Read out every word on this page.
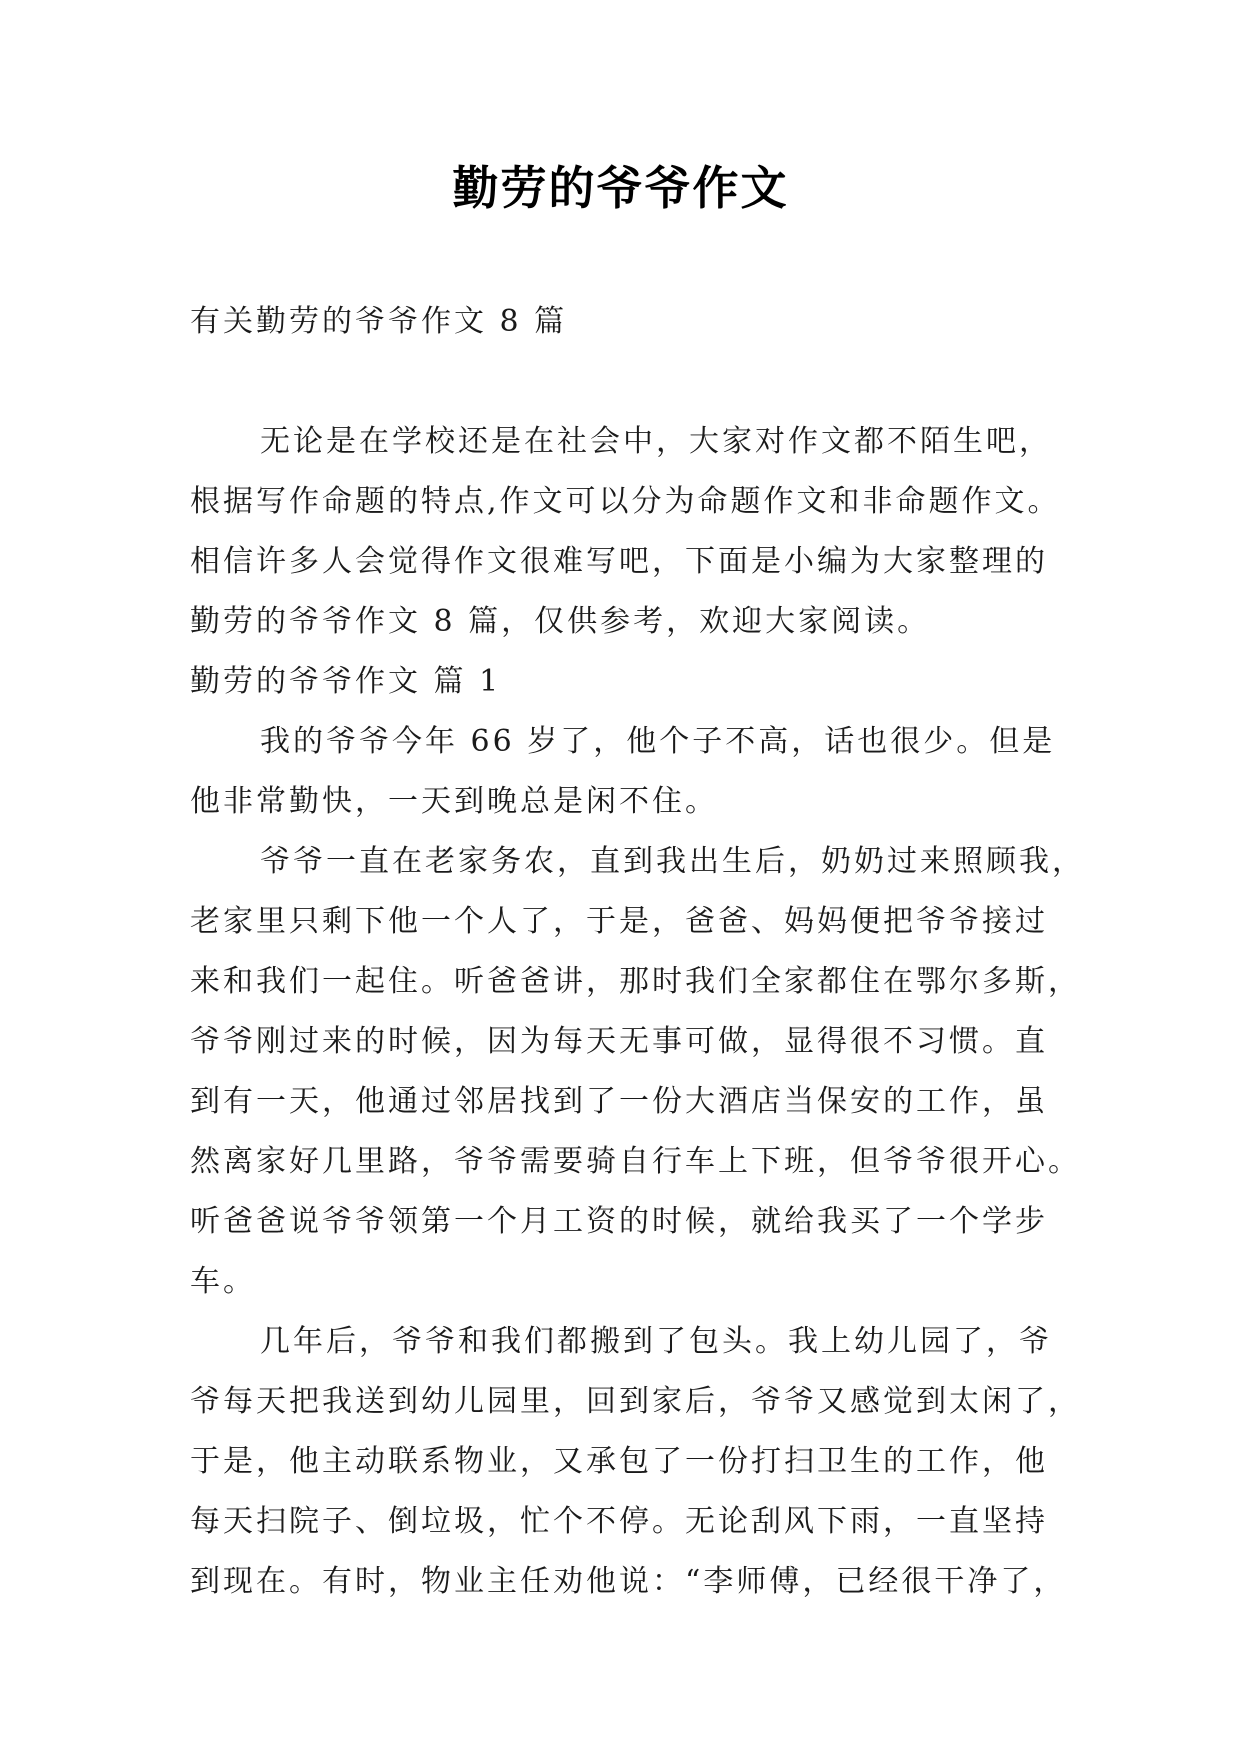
勤劳的爷爷作文
有关勤劳的爷爷作文 8 篇
无论是在学校还是在社会中，大家对作文都不陌生吧，
根据写作命题的特点,作文可以分为命题作文和非命题作文。
相信许多人会觉得作文很难写吧，下面是小编为大家整理的
勤劳的爷爷作文 8 篇，仅供参考，欢迎大家阅读。
勤劳的爷爷作文 篇 1
我的爷爷今年 66 岁了，他个子不高，话也很少。但是
他非常勤快，一天到晚总是闲不住。
爷爷一直在老家务农，直到我出生后，奶奶过来照顾我，
老家里只剩下他一个人了，于是，爸爸、妈妈便把爷爷接过
来和我们一起住。听爸爸讲，那时我们全家都住在鄂尔多斯，
爷爷刚过来的时候，因为每天无事可做，显得很不习惯。直
到有一天，他通过邻居找到了一份大酒店当保安的工作，虽
然离家好几里路，爷爷需要骑自行车上下班，但爷爷很开心。
听爸爸说爷爷领第一个月工资的时候，就给我买了一个学步
车。
几年后，爷爷和我们都搬到了包头。我上幼儿园了，爷
爷每天把我送到幼儿园里，回到家后，爷爷又感觉到太闲了，
于是，他主动联系物业，又承包了一份打扫卫生的工作，他
每天扫院子、倒垃圾，忙个不停。无论刮风下雨，一直坚持
到现在。有时，物业主任劝他说：“李师傅，已经很干净了，
